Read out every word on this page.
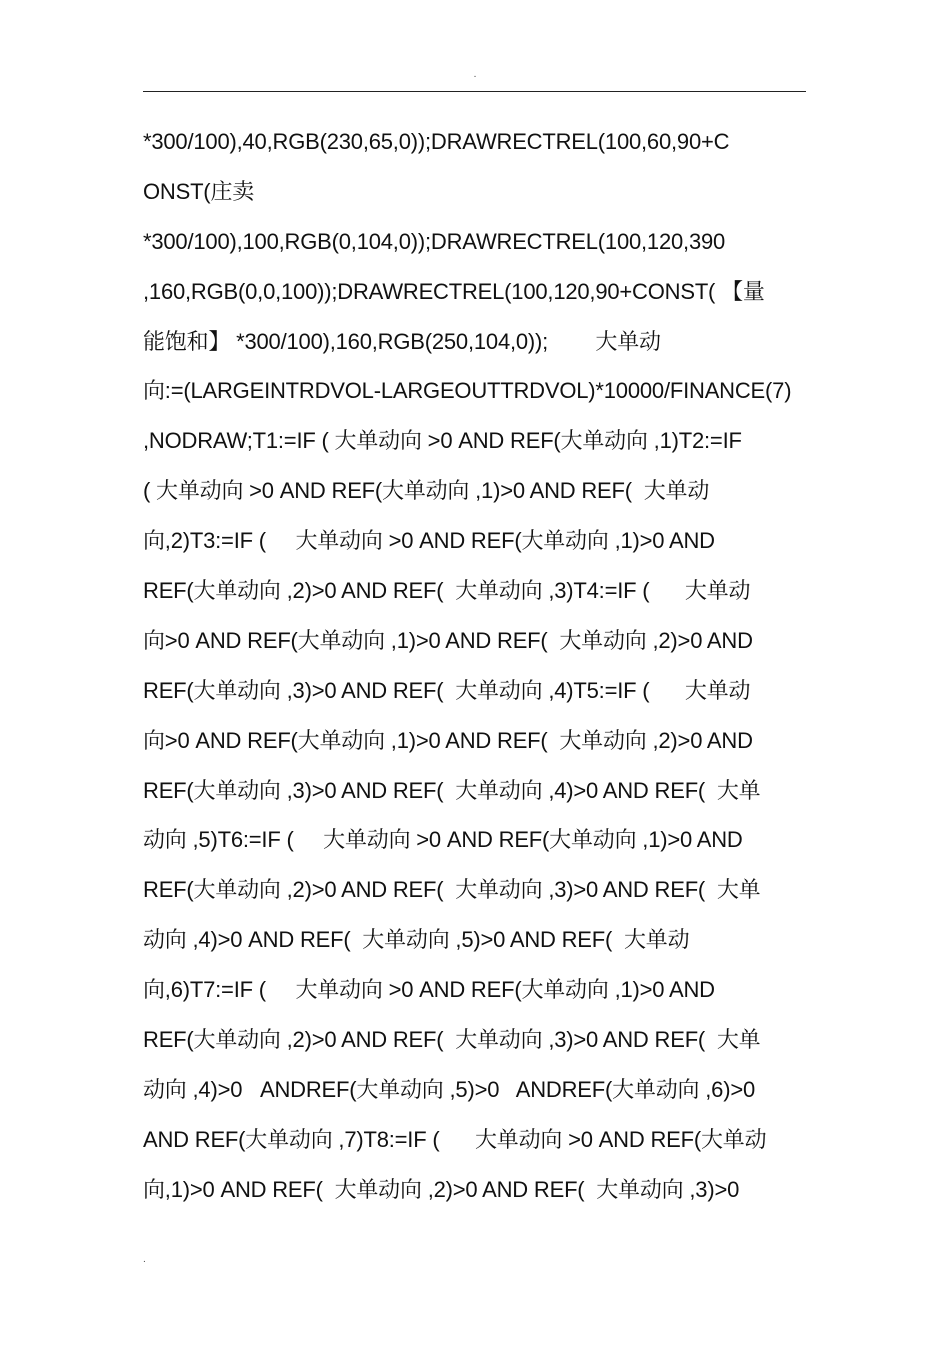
.
*300/100),40,RGB(230,65,0));DRAWRECTREL(100,60,90+C
ONST(庄卖
*300/100),100,RGB(0,104,0));DRAWRECTREL(100,120,390
,160,RGB(0,0,100));DRAWRECTREL(100,120,90+CONST( 【量
能饱和】 *300/100),160,RGB(250,104,0));        大单动
向:=(LARGEINTRDVOL-LARGEOUTTRDVOL)*10000/FINANCE(7)
,NODRAW;T1:=IF ( 大单动向 >0 AND REF(大单动向 ,1)T2:=IF
( 大单动向 >0 AND REF(大单动向 ,1)>0 AND REF(  大单动
向,2)T3:=IF (     大单动向 >0 AND REF(大单动向 ,1)>0 AND
REF(大单动向 ,2)>0 AND REF(  大单动向 ,3)T4:=IF (      大单动
向>0 AND REF(大单动向 ,1)>0 AND REF(  大单动向 ,2)>0 AND
REF(大单动向 ,3)>0 AND REF(  大单动向 ,4)T5:=IF (      大单动
向>0 AND REF(大单动向 ,1)>0 AND REF(  大单动向 ,2)>0 AND
REF(大单动向 ,3)>0 AND REF(  大单动向 ,4)>0 AND REF(  大单
动向 ,5)T6:=IF (     大单动向 >0 AND REF(大单动向 ,1)>0 AND
REF(大单动向 ,2)>0 AND REF(  大单动向 ,3)>0 AND REF(  大单
动向 ,4)>0 AND REF(  大单动向 ,5)>0 AND REF(  大单动
向,6)T7:=IF (     大单动向 >0 AND REF(大单动向 ,1)>0 AND
REF(大单动向 ,2)>0 AND REF(  大单动向 ,3)>0 AND REF(  大单
动向 ,4)>0   ANDREF(大单动向 ,5)>0   ANDREF(大单动向 ,6)>0
AND REF(大单动向 ,7)T8:=IF (      大单动向 >0 AND REF(大单动
向,1)>0 AND REF(  大单动向 ,2)>0 AND REF(  大单动向 ,3)>0
.
